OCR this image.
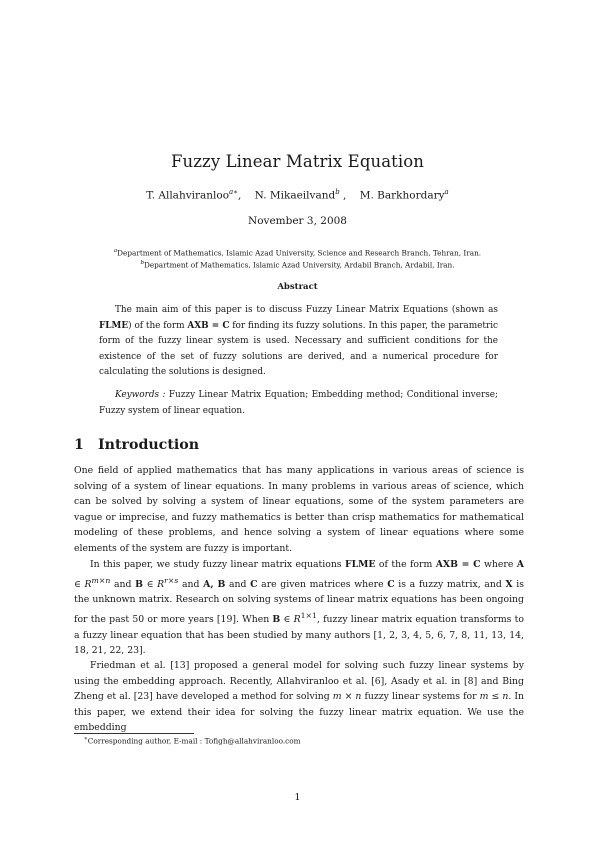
Fuzzy Linear Matrix Equation
T. Allahviranloo$^{a∗}$, N. Mikaeilvand$^b$ , M. Barkhordary$^a$
November 3, 2008
$^a$Department of Mathematics, Islamic Azad University, Science and Research Branch, Tehran, Iran.
$^b$Department of Mathematics, Islamic Azad University, Ardabil Branch, Ardabil, Iran.
Abstract

The main aim of this paper is to discuss Fuzzy Linear Matrix Equations (shown as FLME) of the form AXB = C for finding its fuzzy solutions. In this paper, the parametric form of the fuzzy linear system is used. Necessary and sufficient conditions for the existence of the set of fuzzy solutions are derived, and a numerical procedure for calculating the solutions is designed.

Keywords : Fuzzy Linear Matrix Equation; Embedding method; Conditional inverse; Fuzzy system of linear equation.

1 Introduction

One field of applied mathematics that has many applications in various areas of science is solving of a system of linear equations. In many problems in various areas of science, which can be solved by solving a system of linear equations, some of the system parameters are vague or imprecise, and fuzzy mathematics is better than crisp mathematics for mathematical modeling of these problems, and hence solving a system of linear equations where some elements of the system are fuzzy is important.

In this paper, we study fuzzy linear matrix equations FLME of the form AXB = C where A ∈ $R^{m\times n}$ and B ∈ $R^{r\times s}$ and A, B and C are given matrices where C is a fuzzy matrix, and X is the unknown matrix. Research on solving systems of linear matrix equations has been ongoing for the past 50 or more years [19]. When B ∈ $R^{1\times 1}$, fuzzy linear matrix equation transforms to a fuzzy linear equation that has been studied by many authors [1, 2, 3, 4, 5, 6, 7, 8, 11, 13, 14, 18, 21, 22, 23].

Friedman et al. [13] proposed a general model for solving such fuzzy linear systems by using the embedding approach. Recently, Allahviranloo et al. [6], Asady et al. in [8] and Bing Zheng et al. [23] have developed a method for solving m × n fuzzy linear systems for m ≤ n. In this paper, we extend their idea for solving the fuzzy linear matrix equation. We use the embedding

∗Corresponding author, E-mail : Tofigh@allahviranloo.com
1
